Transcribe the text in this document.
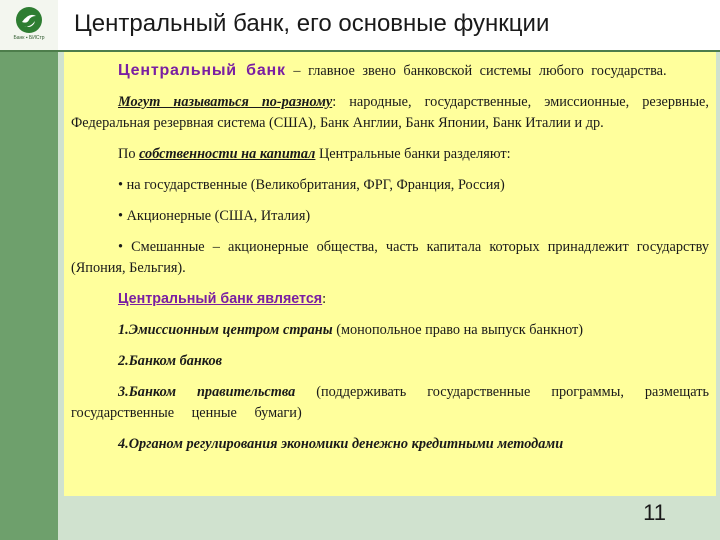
Банк ▪ БИСтр
Центральный банк, его основные функции

Центральный банк – главное звено банковской системы любого государства.

Могут называться по-разному: народные, государственные, эмиссионные, резервные, Федеральная резервная система (США), Банк Англии, Банк Японии, Банк Италии и др.

По собственности на капитал Центральные банки разделяют:

• на государственные (Великобритания, ФРГ, Франция, Россия)

• Акционерные (США, Италия)

• Смешанные – акционерные общества, часть капитала которых принадлежит государству (Япония, Бельгия).

Центральный банк является:

1.Эмиссионным центром страны (монопольное право на выпуск банкнот)

2.Банком банков

3.Банком правительства (поддерживать государственные программы, размещать государственные ценные бумаги)

4.Органом регулирования экономики денежно кредитными методами

11
